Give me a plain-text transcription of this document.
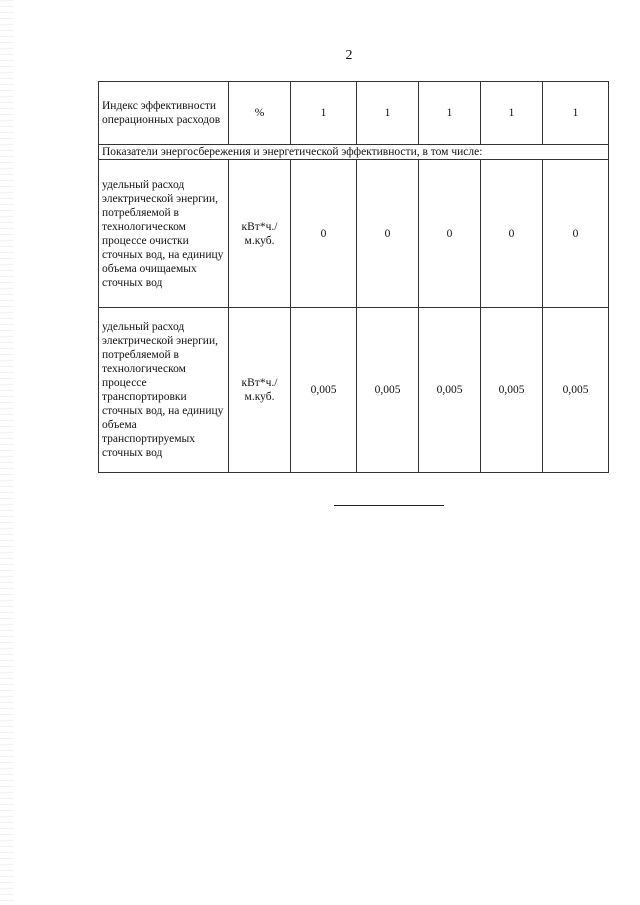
2
Индекс эффективности операционных расходов	%	1	1	1	1	1
Показатели энергосбережения и энергетической эффективности, в том числе:						
удельный расход электрической энергии, потребляемой в технологическом процессе очистки сточных вод, на единицу объема очищаемых сточных вод	кВт*ч./м.куб.	0	0	0	0	0
удельный расход электрической энергии, потребляемой в технологическом процессе транспортировки сточных вод, на единицу объема транспортируемых сточных вод	кВт*ч./м.куб.	0,005	0,005	0,005	0,005	0,005
